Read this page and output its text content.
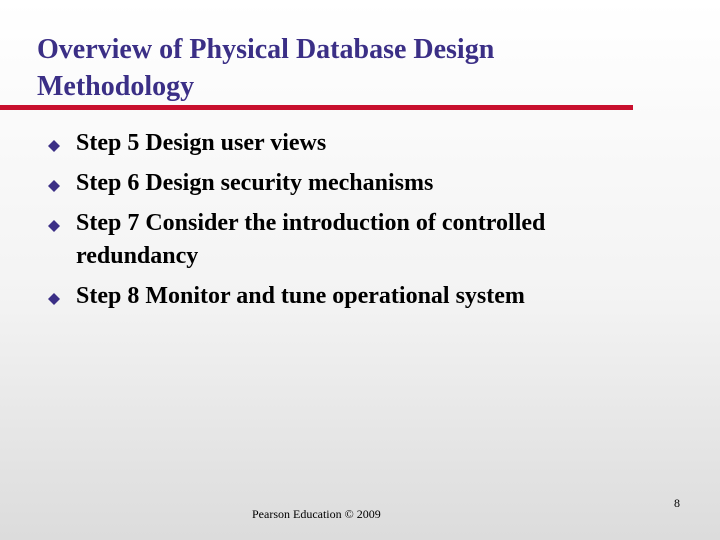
Overview of Physical Database Design
Methodology
Step 5 Design user views
Step 6 Design security mechanisms
Step 7 Consider the introduction of controlled redundancy
Step 8 Monitor and tune operational system
Pearson Education © 2009
8
